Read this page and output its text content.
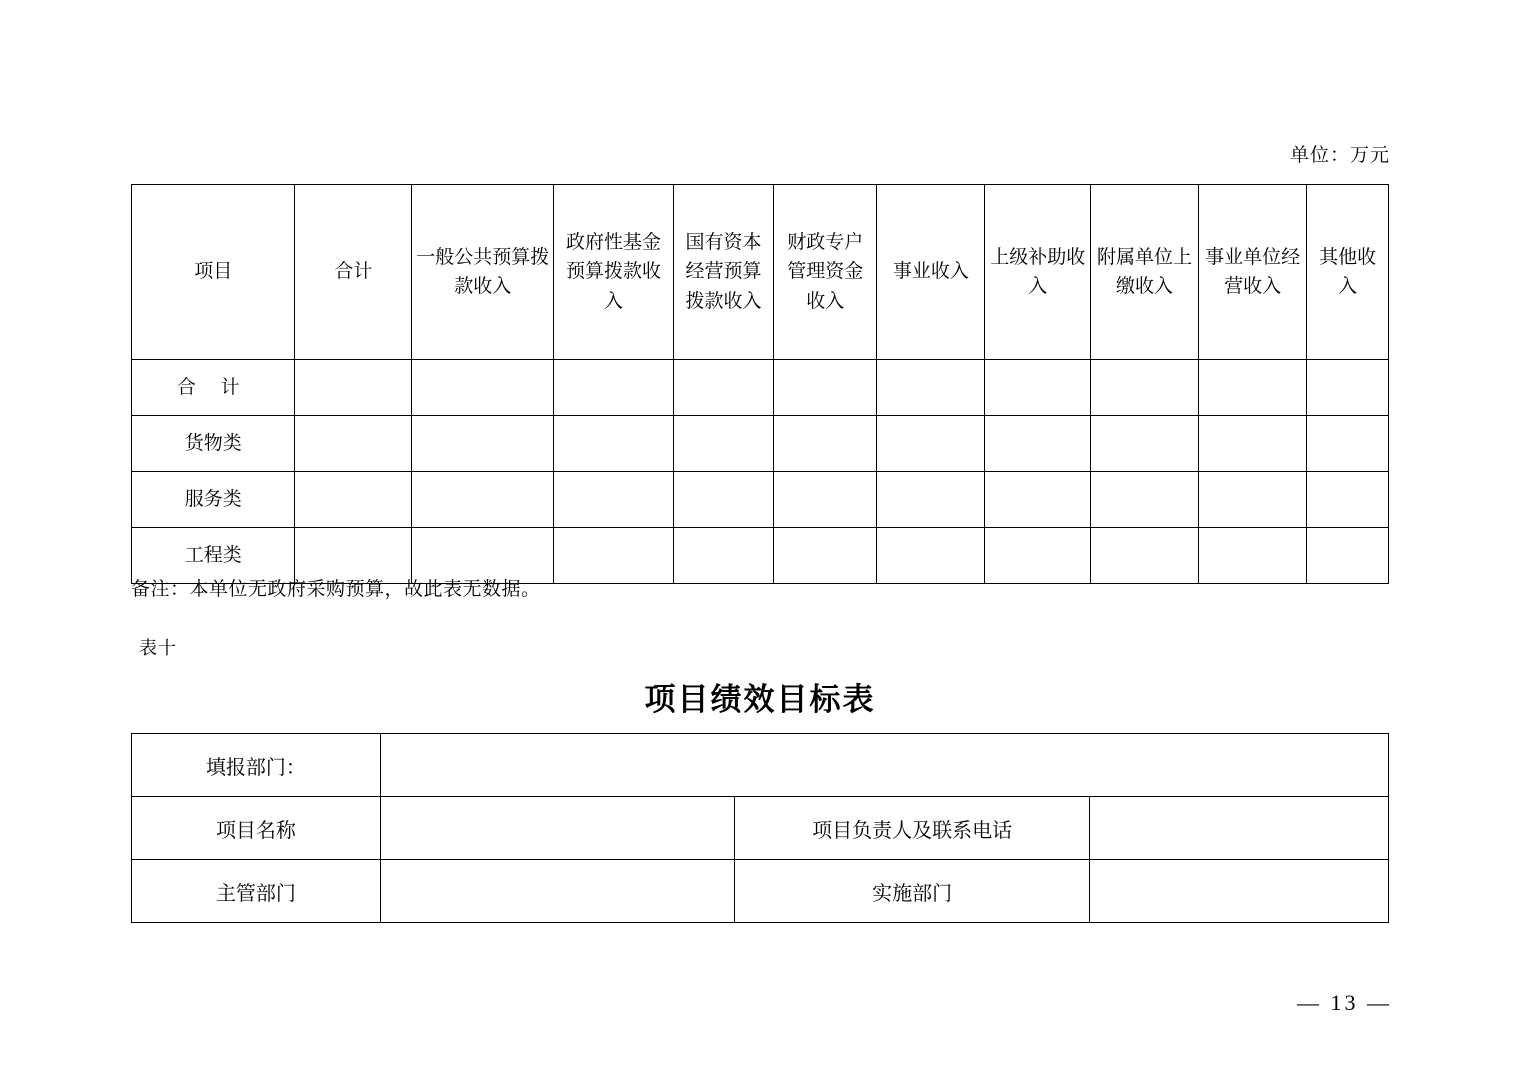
单位：万元
项目	合计	一般公共预算拨款收入	政府性基金预算拨款收入	国有资本经营预算拨款收入	财政专户管理资金收入	事业收入	上级补助收入	附属单位上缴收入	事业单位经营收入	其他收入
合 计										
货物类										
服务类										
工程类										
备注：本单位无政府采购预算，故此表无数据。
表十
项目绩效目标表
填报部门：			
项目名称		项目负责人及联系电话	
主管部门		实施部门	
— 13 —
